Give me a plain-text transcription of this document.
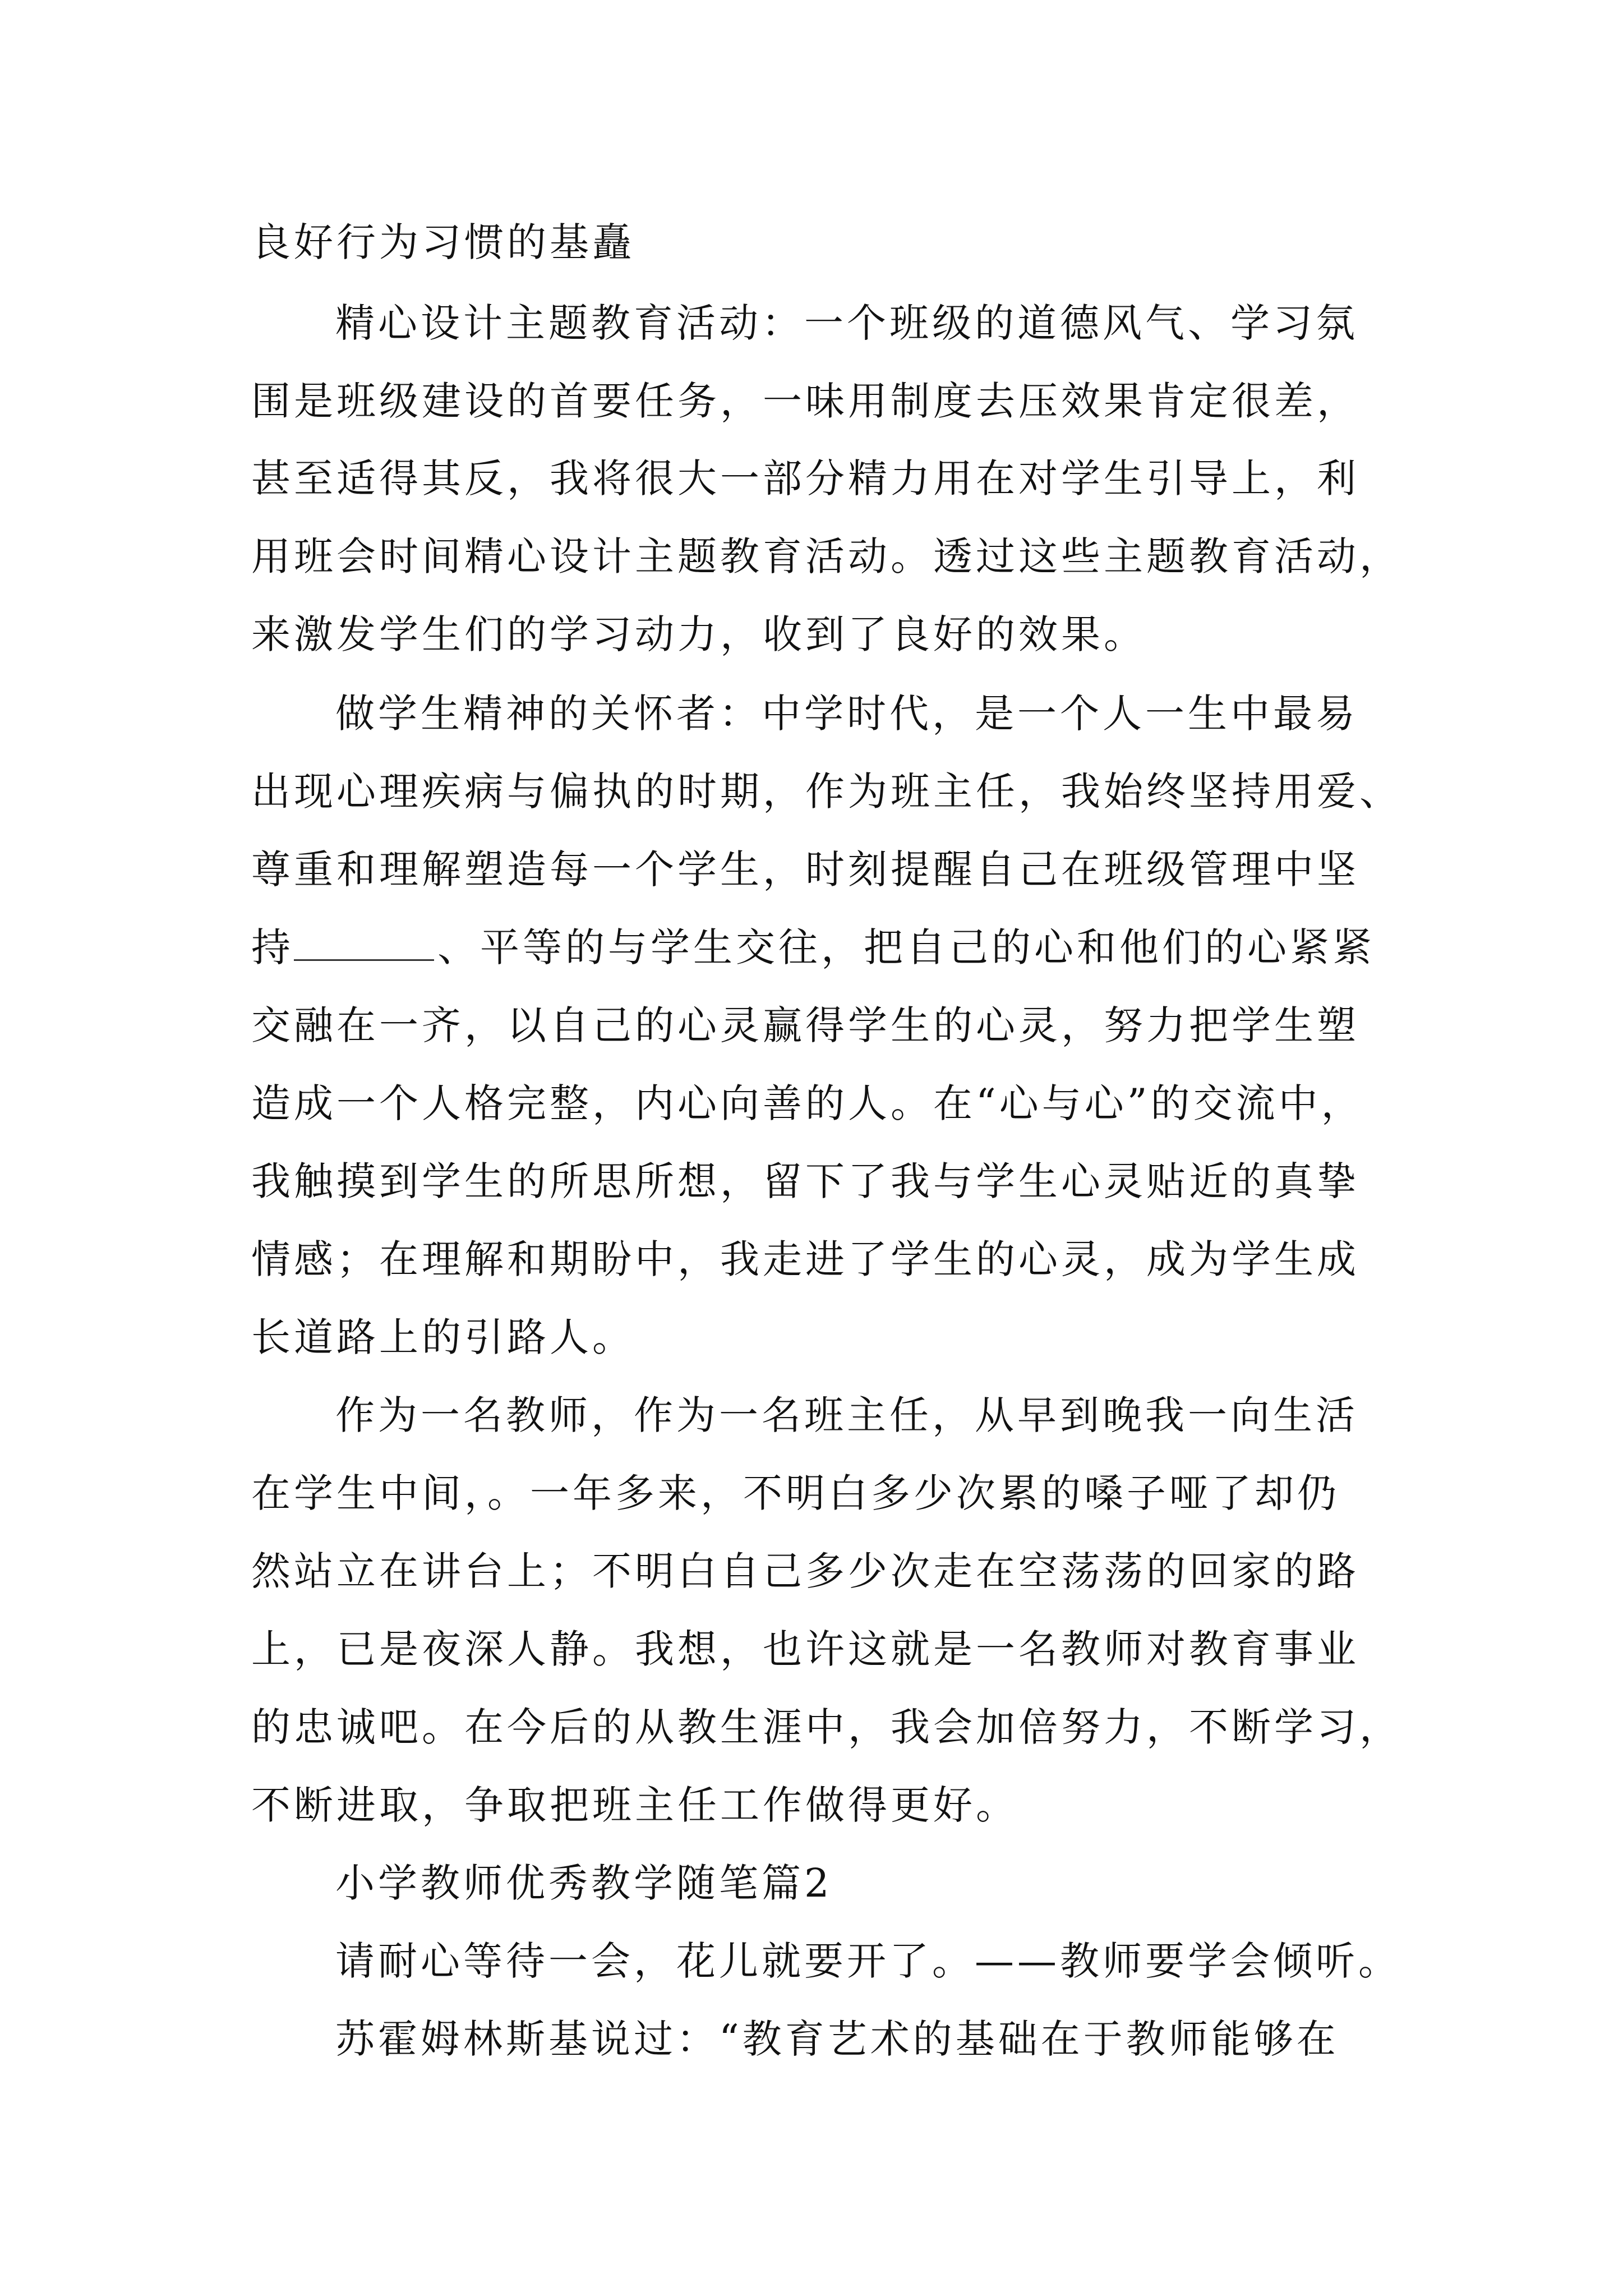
良好行为习惯的基矗
精心设计主题教育活动：一个班级的道德风气、学习氛
围是班级建设的首要任务，一味用制度去压效果肯定很差，
甚至适得其反，我将很大一部分精力用在对学生引导上，利
用班会时间精心设计主题教育活动。透过这些主题教育活动，
来激发学生们的学习动力，收到了良好的效果。
做学生精神的关怀者：中学时代，是一个人一生中最易
出现心理疾病与偏执的时期，作为班主任，我始终坚持用爱、
尊重和理解塑造每一个学生，时刻提醒自己在班级管理中坚
持	、平等的与学生交往，把自己的心和他们的心紧紧
交融在一齐，以自己的心灵赢得学生的心灵，努力把学生塑
造成一个人格完整，内心向善的人。在“心与心”的交流中，
我触摸到学生的所思所想，留下了我与学生心灵贴近的真挚
情感；在理解和期盼中，我走进了学生的心灵，成为学生成
长道路上的引路人。
作为一名教师，作为一名班主任，从早到晚我一向生活
在学生中间，。一年多来，不明白多少次累的嗓子哑了却仍
然站立在讲台上；不明白自己多少次走在空荡荡的回家的路
上，已是夜深人静。我想，也许这就是一名教师对教育事业
的忠诚吧。在今后的从教生涯中，我会加倍努力，不断学习，
不断进取，争取把班主任工作做得更好。
小学教师优秀教学随笔篇2
请耐心等待一会，花儿就要开了。——教师要学会倾听。
苏霍姆林斯基说过：“教育艺术的基础在于教师能够在
